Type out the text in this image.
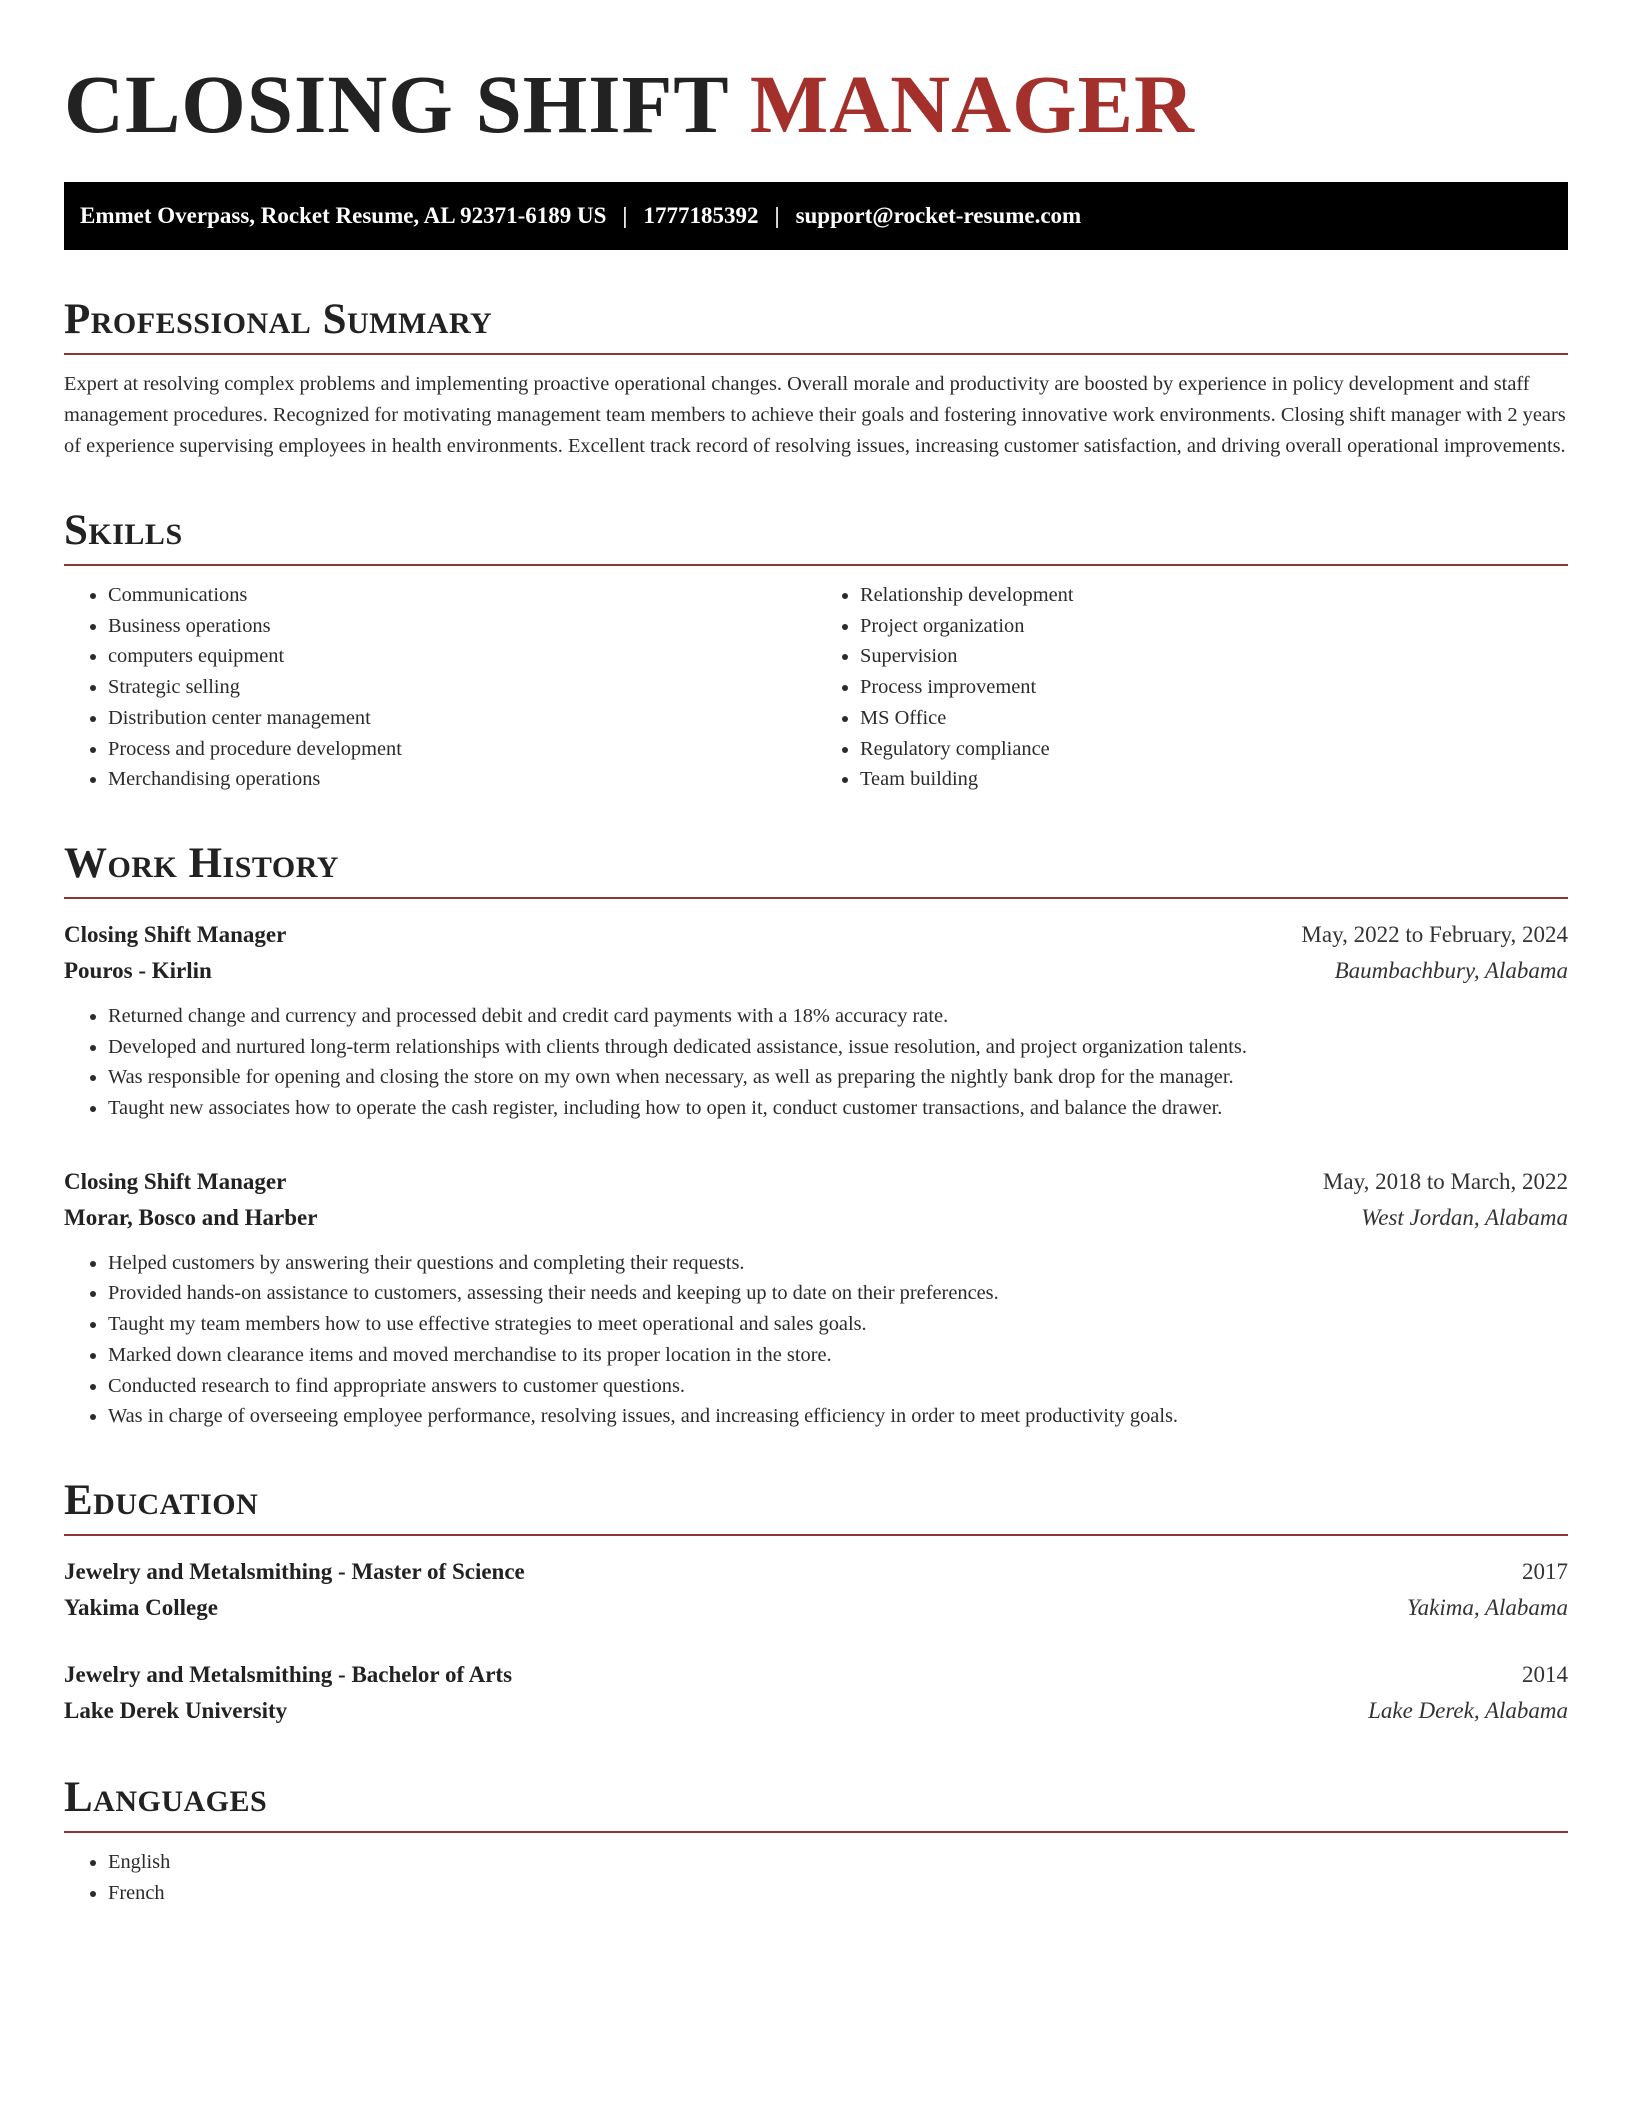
CLOSING SHIFT MANAGER
Emmet Overpass, Rocket Resume, AL 92371-6189 US | 1777185392 | support@rocket-resume.com
Professional Summary

Expert at resolving complex problems and implementing proactive operational changes. Overall morale and productivity are boosted by experience in policy development and staff management procedures. Recognized for motivating management team members to achieve their goals and fostering innovative work environments. Closing shift manager with 2 years of experience supervising employees in health environments. Excellent track record of resolving issues, increasing customer satisfaction, and driving overall operational improvements.

Skills
• Communications
• Business operations
• computers equipment
• Strategic selling
• Distribution center management
• Process and procedure development
• Merchandising operations
• Relationship development
• Project organization
• Supervision
• Process improvement
• MS Office
• Regulatory compliance
• Team building
Work History
Closing Shift Manager	May, 2022 to February, 2024
Pouros - Kirlin	Baumbachbury, Alabama
• Returned change and currency and processed debit and credit card payments with a 18% accuracy rate.
• Developed and nurtured long-term relationships with clients through dedicated assistance, issue resolution, and project organization talents.
• Was responsible for opening and closing the store on my own when necessary, as well as preparing the nightly bank drop for the manager.
• Taught new associates how to operate the cash register, including how to open it, conduct customer transactions, and balance the drawer.
Closing Shift Manager	May, 2018 to March, 2022
Morar, Bosco and Harber	West Jordan, Alabama
• Helped customers by answering their questions and completing their requests.
• Provided hands-on assistance to customers, assessing their needs and keeping up to date on their preferences.
• Taught my team members how to use effective strategies to meet operational and sales goals.
• Marked down clearance items and moved merchandise to its proper location in the store.
• Conducted research to find appropriate answers to customer questions.
• Was in charge of overseeing employee performance, resolving issues, and increasing efficiency in order to meet productivity goals.
Education
Jewelry and Metalsmithing - Master of Science	2017
Yakima College	Yakima, Alabama
Jewelry and Metalsmithing - Bachelor of Arts	2014
Lake Derek University	Lake Derek, Alabama
Languages
• English
• French
